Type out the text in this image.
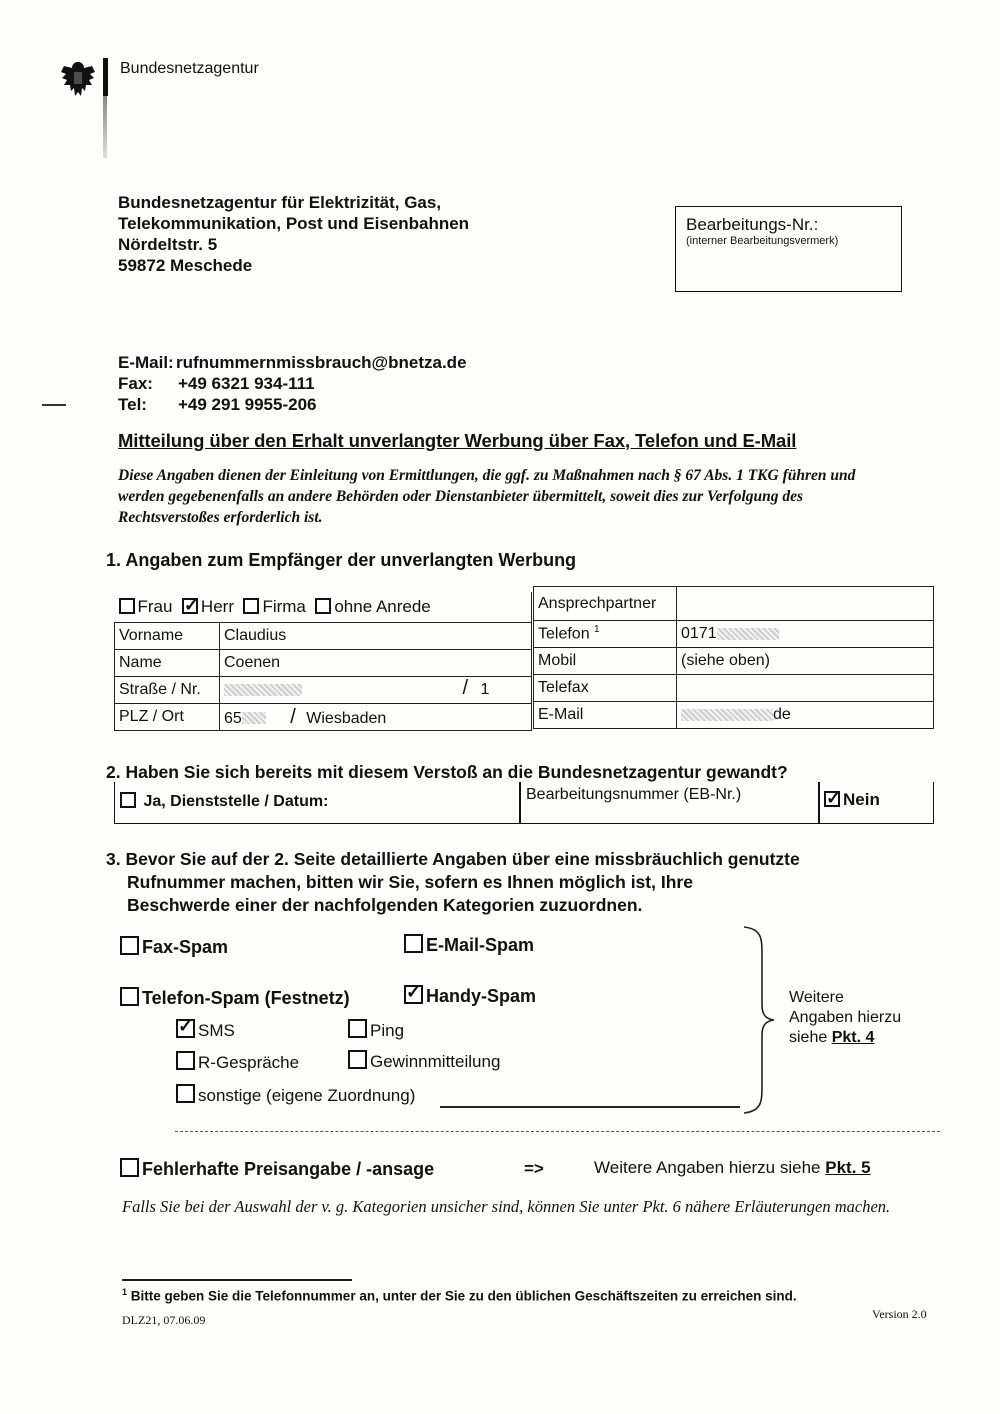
Bundesnetzagentur
Bundesnetzagentur für Elektrizität, Gas,
Telekommunikation, Post und Eisenbahnen
Nördeltstr. 5
59872 Meschede
Bearbeitungs-Nr.:
(interner Bearbeitungsvermerk)
E-Mail: rufnummernmissbrauch@bnetza.de
Fax: +49 6321 934-111
Tel: +49 291 9955-206
Mitteilung über den Erhalt unverlangter Werbung über Fax, Telefon und E-Mail
Diese Angaben dienen der Einleitung von Ermittlungen, die ggf. zu Maßnahmen nach § 67 Abs. 1 TKG führen und werden gegebenenfalls an andere Behörden oder Dienstanbieter übermittelt, soweit dies zur Verfolgung des Rechtsverstoßes erforderlich ist.
1. Angaben zum Empfänger der unverlangten Werbung
Frau ✓ Herr Firma ohne Anrede
Vorname	Claudius
Name	Coenen
Straße / Nr.	/ 1

PLZ / Ort	65 / Wiesbaden
Ansprechpartner	
Telefon $^1$	0171
Mobil	(siehe oben)
Telefax	
E-Mail	de
2. Haben Sie sich bereits mit diesem Verstoß an die Bundesnetzagentur gewandt?
Ja, Dienststelle / Datum:	Bearbeitungsnummer (EB-Nr.) ✓	Nein
3. Bevor Sie auf der 2. Seite detaillierte Angaben über eine missbräuchlich genutzte
Rufnummer machen, bitten wir Sie, sofern es Ihnen möglich ist, Ihre
Beschwerde einer der nachfolgenden Kategorien zuzuordnen.
Fax-Spam	E-Mail-Spam
Telefon-Spam (Festnetz) ✓	Handy-Spam
✓SMS	Ping
R-Gespräche	Gewinnmitteilung
sonstige (eigene Zuordnung)
Weitere
Angaben hierzu
siehe Pkt. 4
Fehlerhafte Preisangabe / -ansage	=>	Weitere Angaben hierzu siehe Pkt. 5
Falls Sie bei der Auswahl der v. g. Kategorien unsicher sind, können Sie unter Pkt. 6 nähere Erläuterungen machen.
$^1$ Bitte geben Sie die Telefonnummer an, unter der Sie zu den üblichen Geschäftszeiten zu erreichen sind.
DLZ21, 07.06.09	Version 2.0
